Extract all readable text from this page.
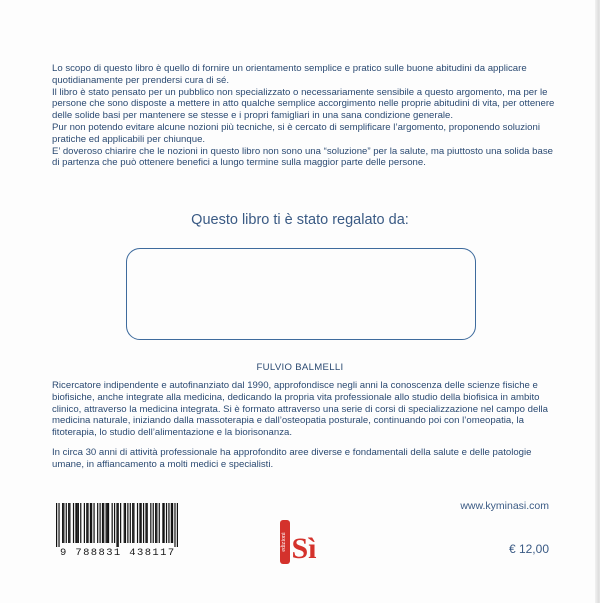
Lo scopo di questo libro è quello di fornire un orientamento semplice e pratico sulle buone abitudini da applicare quotidianamente per prendersi cura di sé.

Il libro è stato pensato per un pubblico non specializzato o necessariamente sensibile a questo argomento, ma per le persone che sono disposte a mettere in atto qualche semplice accorgimento nelle proprie abitudini di vita, per ottenere delle solide basi per mantenere se stesse e i propri famigliari in una sana condizione generale.

Pur non potendo evitare alcune nozioni più tecniche, si è cercato di semplificare l’argomento, proponendo soluzioni pratiche ed applicabili per chiunque.

E’ doveroso chiarire che le nozioni in questo libro non sono una “soluzione” per la salute, ma piuttosto una solida base di partenza che può ottenere benefici a lungo termine sulla maggior parte delle persone.

Questo libro ti è stato regalato da:
FULVIO BALMELLI

Ricercatore indipendente e autofinanziato dal 1990, approfondisce negli anni la conoscenza delle scienze fisiche e biofisiche, anche integrate alla medicina, dedicando la propria vita professionale allo studio della biofisica in ambito clinico, attraverso la medicina integrata. Si è formato attraverso una serie di corsi di specializzazione nel campo della medicina naturale, iniziando dalla massoterapia e dall’osteopatia posturale, continuando poi con l’omeopatia, la fitoterapia, lo studio dell’alimentazione e la biorisonanza.

In circa 30 anni di attività professionale ha approfondito aree diverse e fondamentali della salute e delle patologie umane, in affiancamento a molti medici e specialisti.

www.kyminasi.com
9 788831 438117
edizioni Sì	€ 12,00
